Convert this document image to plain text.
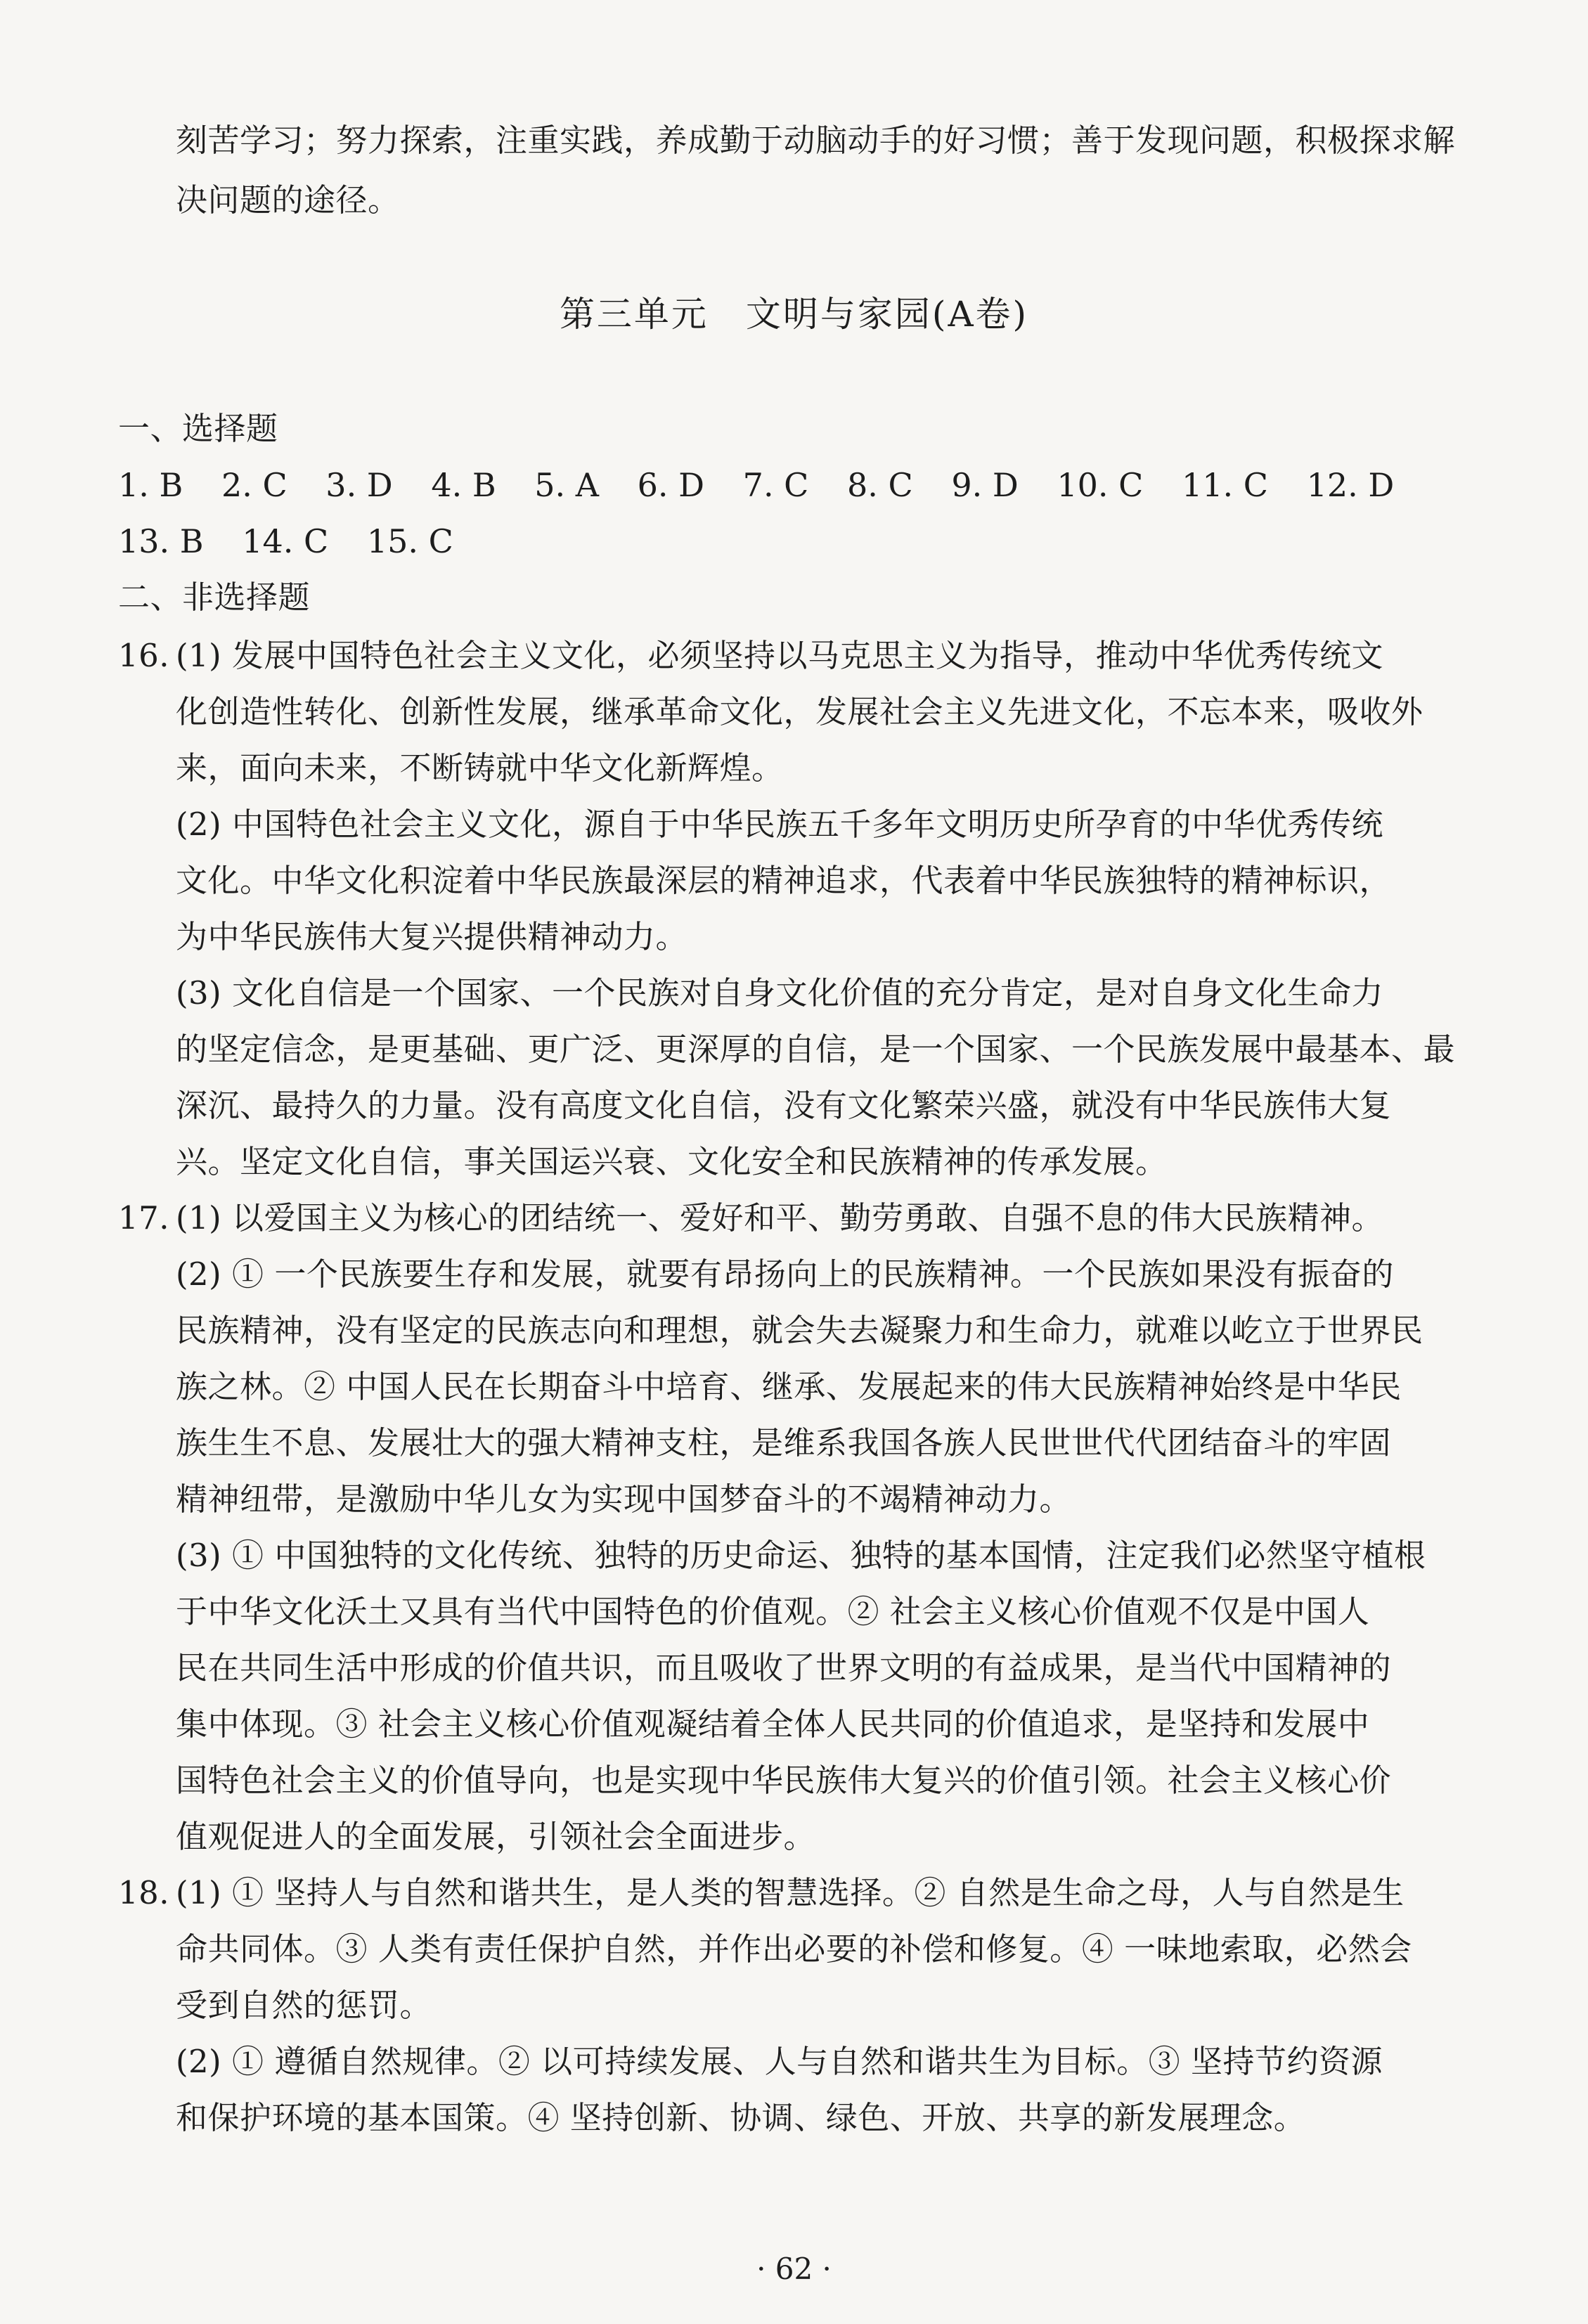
刻苦学习；努力探索，注重实践，养成勤于动脑动手的好习惯；善于发现问题，积极探求解
决问题的途径。
第三单元　文明与家园(A卷)
一、选择题
1. B 2. C 3. D 4. B 5. A 6. D 7. C 8. C 9. D 10. C 11. C 12. D
13. B 14. C 15. C
二、非选择题
16. (1) 发展中国特色社会主义文化，必须坚持以马克思主义为指导，推动中华优秀传统文
化创造性转化、创新性发展，继承革命文化，发展社会主义先进文化，不忘本来，吸收外
来，面向未来，不断铸就中华文化新辉煌。
(2) 中国特色社会主义文化，源自于中华民族五千多年文明历史所孕育的中华优秀传统
文化。中华文化积淀着中华民族最深层的精神追求，代表着中华民族独特的精神标识，
为中华民族伟大复兴提供精神动力。
(3) 文化自信是一个国家、一个民族对自身文化价值的充分肯定，是对自身文化生命力
的坚定信念，是更基础、更广泛、更深厚的自信，是一个国家、一个民族发展中最基本、最
深沉、最持久的力量。没有高度文化自信，没有文化繁荣兴盛，就没有中华民族伟大复
兴。坚定文化自信，事关国运兴衰、文化安全和民族精神的传承发展。
17. (1) 以爱国主义为核心的团结统一、爱好和平、勤劳勇敢、自强不息的伟大民族精神。
(2) ① 一个民族要生存和发展，就要有昂扬向上的民族精神。一个民族如果没有振奋的
民族精神，没有坚定的民族志向和理想，就会失去凝聚力和生命力，就难以屹立于世界民
族之林。② 中国人民在长期奋斗中培育、继承、发展起来的伟大民族精神始终是中华民
族生生不息、发展壮大的强大精神支柱，是维系我国各族人民世世代代团结奋斗的牢固
精神纽带，是激励中华儿女为实现中国梦奋斗的不竭精神动力。
(3) ① 中国独特的文化传统、独特的历史命运、独特的基本国情，注定我们必然坚守植根
于中华文化沃土又具有当代中国特色的价值观。② 社会主义核心价值观不仅是中国人
民在共同生活中形成的价值共识，而且吸收了世界文明的有益成果，是当代中国精神的
集中体现。③ 社会主义核心价值观凝结着全体人民共同的价值追求，是坚持和发展中
国特色社会主义的价值导向，也是实现中华民族伟大复兴的价值引领。社会主义核心价
值观促进人的全面发展，引领社会全面进步。
18. (1) ① 坚持人与自然和谐共生，是人类的智慧选择。② 自然是生命之母，人与自然是生
命共同体。③ 人类有责任保护自然，并作出必要的补偿和修复。④ 一味地索取，必然会
受到自然的惩罚。
(2) ① 遵循自然规律。② 以可持续发展、人与自然和谐共生为目标。③ 坚持节约资源
和保护环境的基本国策。④ 坚持创新、协调、绿色、开放、共享的新发展理念。
· 62 ·
